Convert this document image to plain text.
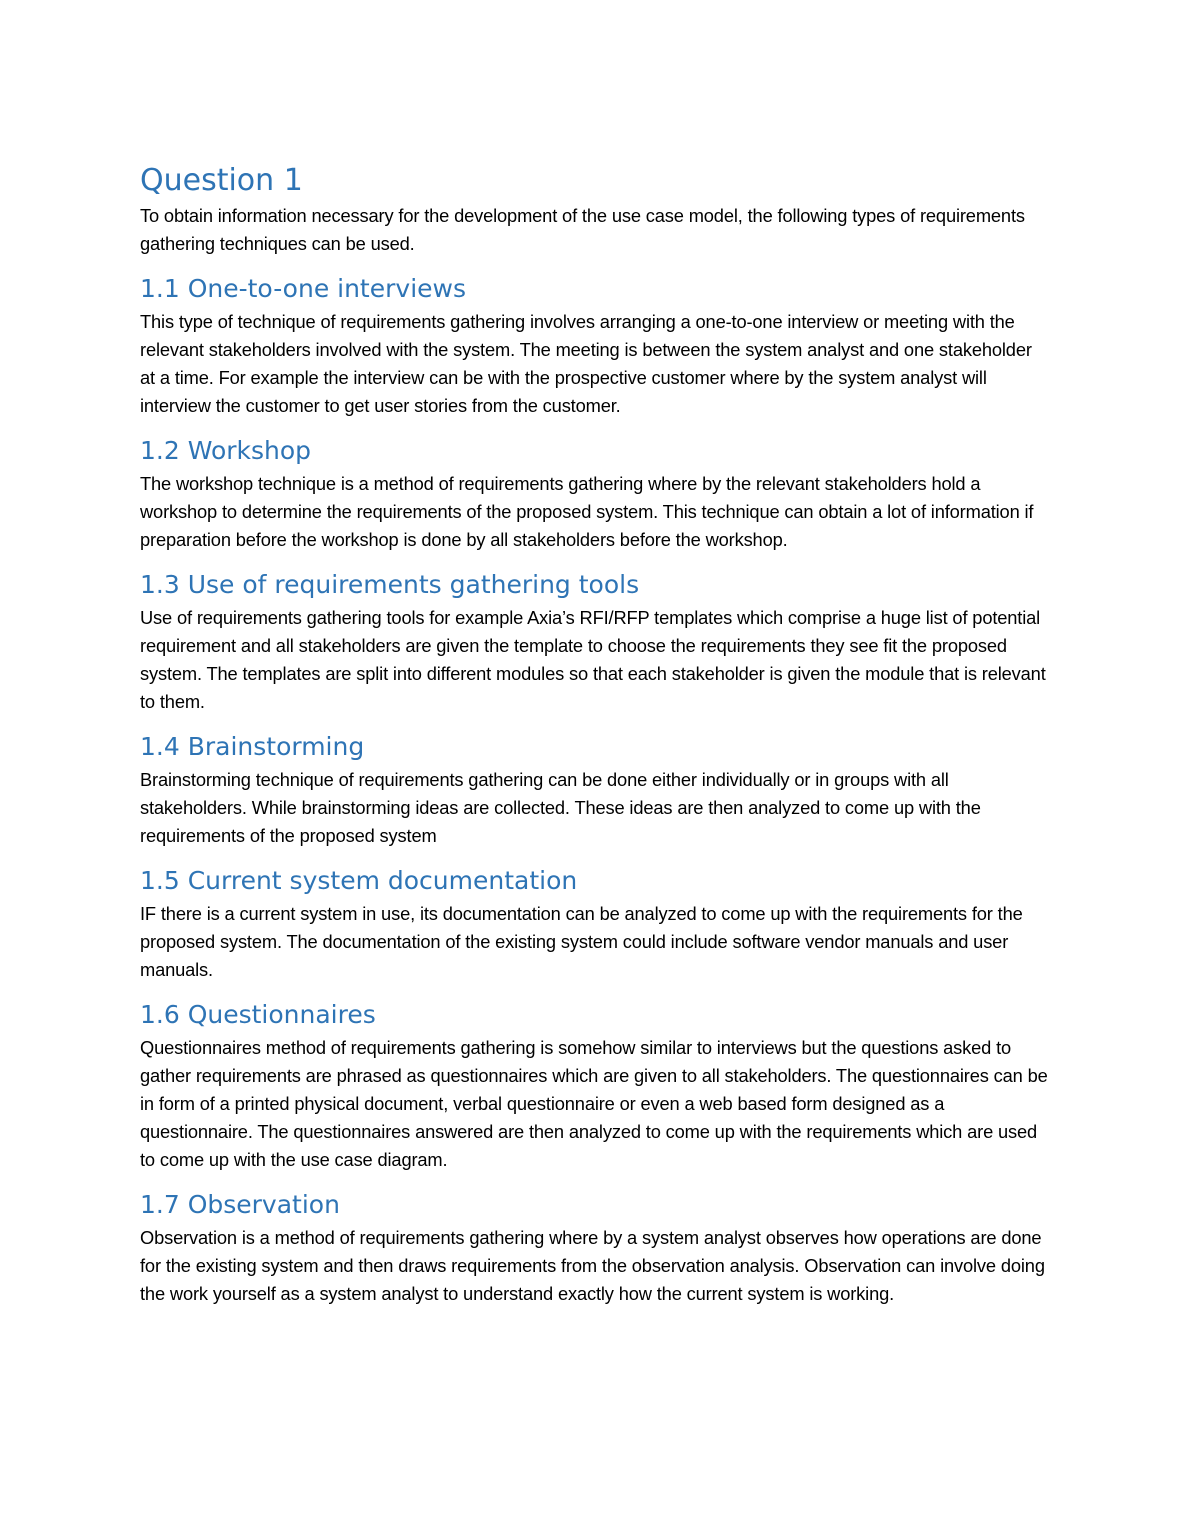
Question 1

To obtain information necessary for the development of the use case model, the following types of requirements gathering techniques can be used.

1.1 One-to-one interviews

This type of technique of requirements gathering involves arranging a one-to-one interview or meeting with the relevant stakeholders involved with the system. The meeting is between the system analyst and one stakeholder at a time. For example the interview can be with the prospective customer where by the system analyst will interview the customer to get user stories from the customer.

1.2 Workshop

The workshop technique is a method of requirements gathering where by the relevant stakeholders hold a workshop to determine the requirements of the proposed system. This technique can obtain a lot of information if preparation before the workshop is done by all stakeholders before the workshop.

1.3 Use of requirements gathering tools

Use of requirements gathering tools for example Axia’s RFI/RFP templates which comprise a huge list of potential requirement and all stakeholders are given the template to choose the requirements they see fit the proposed system. The templates are split into different modules so that each stakeholder is given the module that is relevant to them.

1.4 Brainstorming

Brainstorming technique of requirements gathering can be done either individually or in groups with all stakeholders. While brainstorming ideas are collected. These ideas are then analyzed to come up with the requirements of the proposed system

1.5 Current system documentation

IF there is a current system in use, its documentation can be analyzed to come up with the requirements for the proposed system. The documentation of the existing system could include software vendor manuals and user manuals.

1.6 Questionnaires

Questionnaires method of requirements gathering is somehow similar to interviews but the questions asked to gather requirements are phrased as questionnaires which are given to all stakeholders. The questionnaires can be in form of a printed physical document, verbal questionnaire or even a web based form designed as a questionnaire. The questionnaires answered are then analyzed to come up with the requirements which are used to come up with the use case diagram.

1.7 Observation

Observation is a method of requirements gathering where by a system analyst observes how operations are done for the existing system and then draws requirements from the observation analysis. Observation can involve doing the work yourself as a system analyst to understand exactly how the current system is working.
